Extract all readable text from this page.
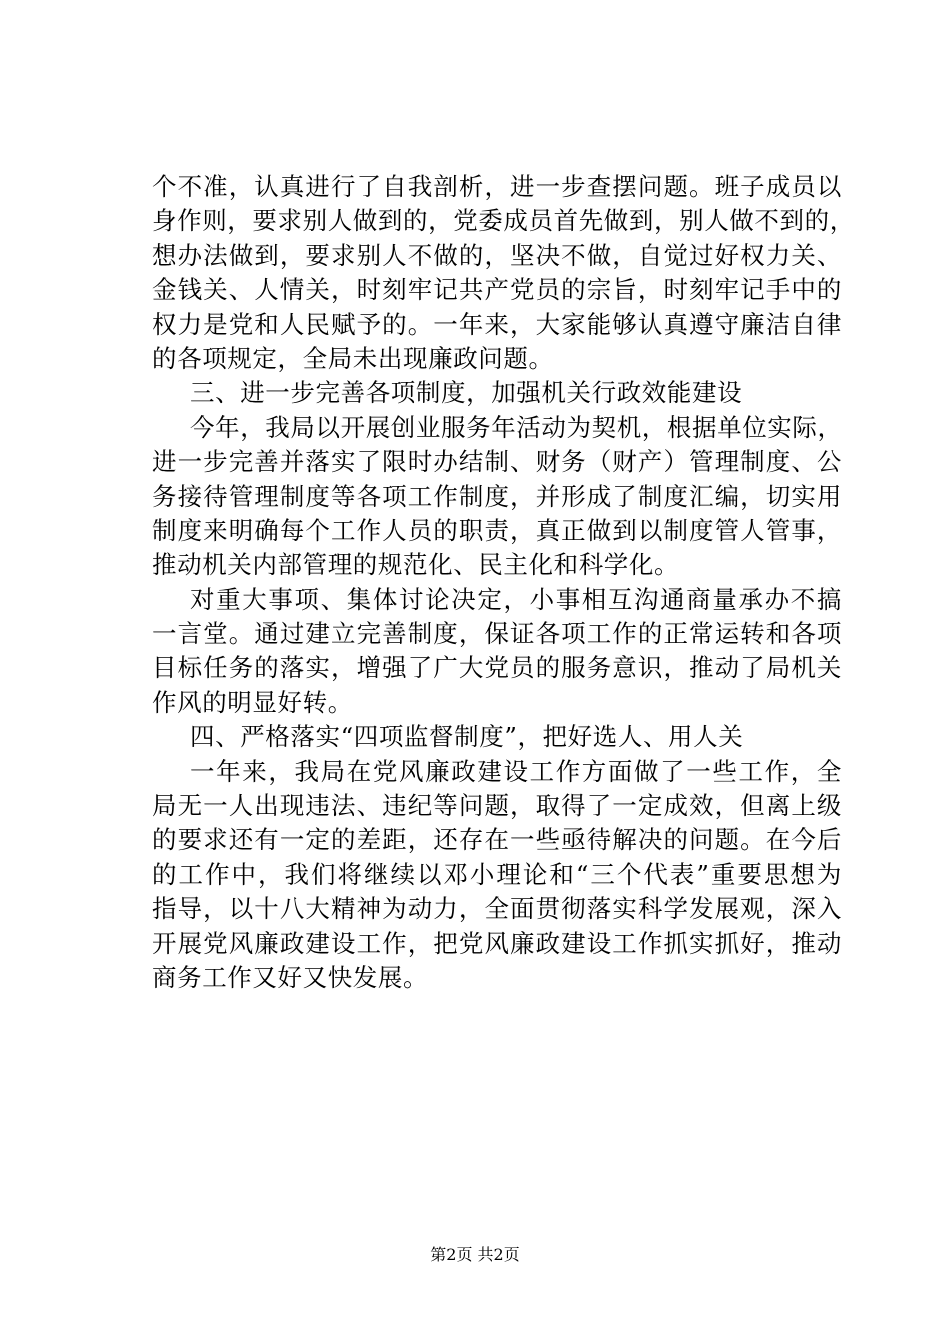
个不准，认真进行了自我剖析，进一步查摆问题。班子成员以
身作则，要求别人做到的，党委成员首先做到，别人做不到的，
想办法做到，要求别人不做的，坚决不做，自觉过好权力关、
金钱关、人情关，时刻牢记共产党员的宗旨，时刻牢记手中的
权力是党和人民赋予的。一年来，大家能够认真遵守廉洁自律
的各项规定，全局未出现廉政问题。
三、进一步完善各项制度，加强机关行政效能建设
今年，我局以开展创业服务年活动为契机，根据单位实际，
进一步完善并落实了限时办结制、财务（财产）管理制度、公
务接待管理制度等各项工作制度，并形成了制度汇编，切实用
制度来明确每个工作人员的职责，真正做到以制度管人管事，
推动机关内部管理的规范化、民主化和科学化。
对重大事项、集体讨论决定，小事相互沟通商量承办不搞
一言堂。通过建立完善制度，保证各项工作的正常运转和各项
目标任务的落实，增强了广大党员的服务意识，推动了局机关
作风的明显好转。
四、严格落实“四项监督制度”，把好选人、用人关
一年来，我局在党风廉政建设工作方面做了一些工作，全
局无一人出现违法、违纪等问题，取得了一定成效，但离上级
的要求还有一定的差距，还存在一些亟待解决的问题。在今后
的工作中，我们将继续以邓小理论和“三个代表”重要思想为
指导，以十八大精神为动力，全面贯彻落实科学发展观，深入
开展党风廉政建设工作，把党风廉政建设工作抓实抓好，推动
商务工作又好又快发展。
第2页 共2页
